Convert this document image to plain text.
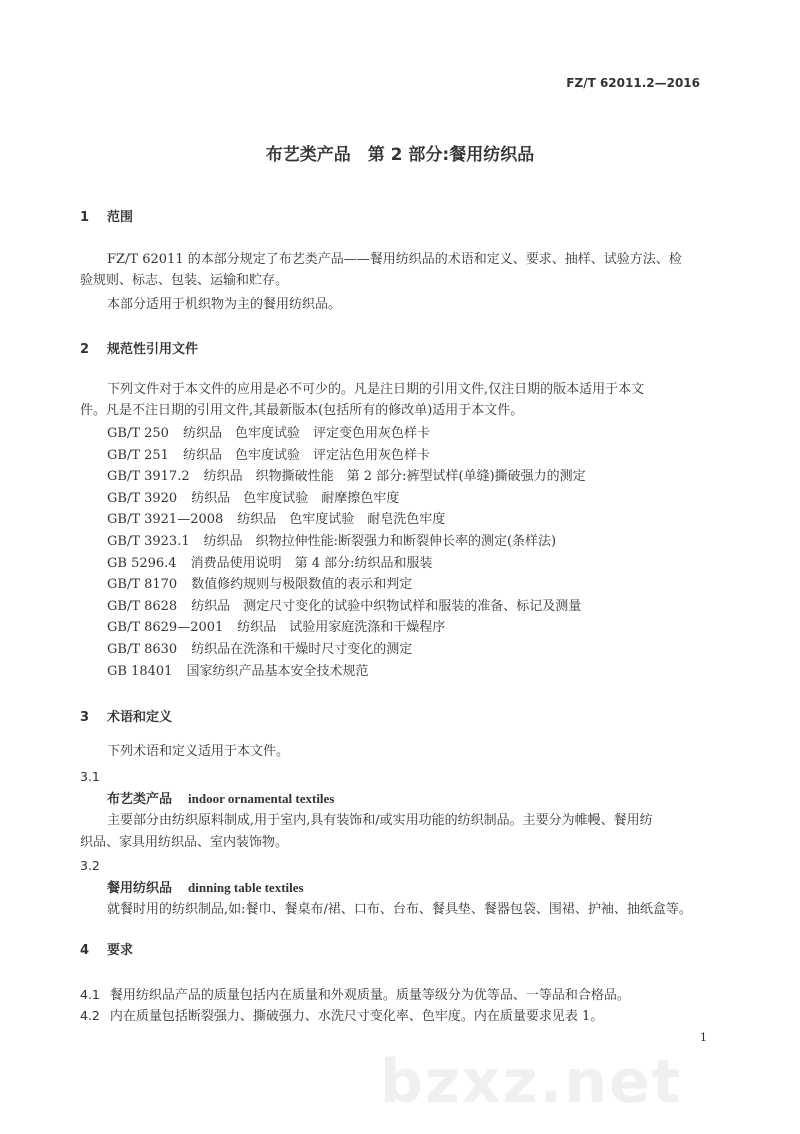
bzxz.net
FZ/T 62011.2—2016
布艺类产品　第 2 部分:餐用纺织品
1 范围
FZ/T 62011 的本部分规定了布艺类产品——餐用纺织品的术语和定义、要求、抽样、试验方法、检
验规则、标志、包装、运输和贮存。
本部分适用于机织物为主的餐用纺织品。
2 规范性引用文件
下列文件对于本文件的应用是必不可少的。凡是注日期的引用文件,仅注日期的版本适用于本文
件。凡是不注日期的引用文件,其最新版本(包括所有的修改单)适用于本文件。
GB/T 250 纺织品　色牢度试验　评定变色用灰色样卡
GB/T 251 纺织品　色牢度试验　评定沾色用灰色样卡
GB/T 3917.2 纺织品　织物撕破性能　第 2 部分:裤型试样(单缝)撕破强力的测定
GB/T 3920 纺织品　色牢度试验　耐摩擦色牢度
GB/T 3921—2008 纺织品　色牢度试验　耐皂洗色牢度
GB/T 3923.1 纺织品　织物拉伸性能:断裂强力和断裂伸长率的测定(条样法)
GB 5296.4 消费品使用说明　第 4 部分:纺织品和服装
GB/T 8170 数值修约规则与极限数值的表示和判定
GB/T 8628 纺织品　测定尺寸变化的试验中织物试样和服装的准备、标记及测量
GB/T 8629—2001 纺织品　试验用家庭洗涤和干燥程序
GB/T 8630 纺织品在洗涤和干燥时尺寸变化的测定
GB 18401 国家纺织产品基本安全技术规范
3 术语和定义
下列术语和定义适用于本文件。
3.1
布艺类产品 indoor ornamental textiles
主要部分由纺织原料制成,用于室内,具有装饰和/或实用功能的纺织制品。主要分为帷幔、餐用纺
织品、家具用纺织品、室内装饰物。
3.2
餐用纺织品 dinning table textiles
就餐时用的纺织制品,如:餐巾、餐桌布/裙、口布、台布、餐具垫、餐器包袋、围裙、护袖、抽纸盒等。
4 要求
4.1 餐用纺织品产品的质量包括内在质量和外观质量。质量等级分为优等品、一等品和合格品。
4.2 内在质量包括断裂强力、撕破强力、水洗尺寸变化率、色牢度。内在质量要求见表 1。
1
